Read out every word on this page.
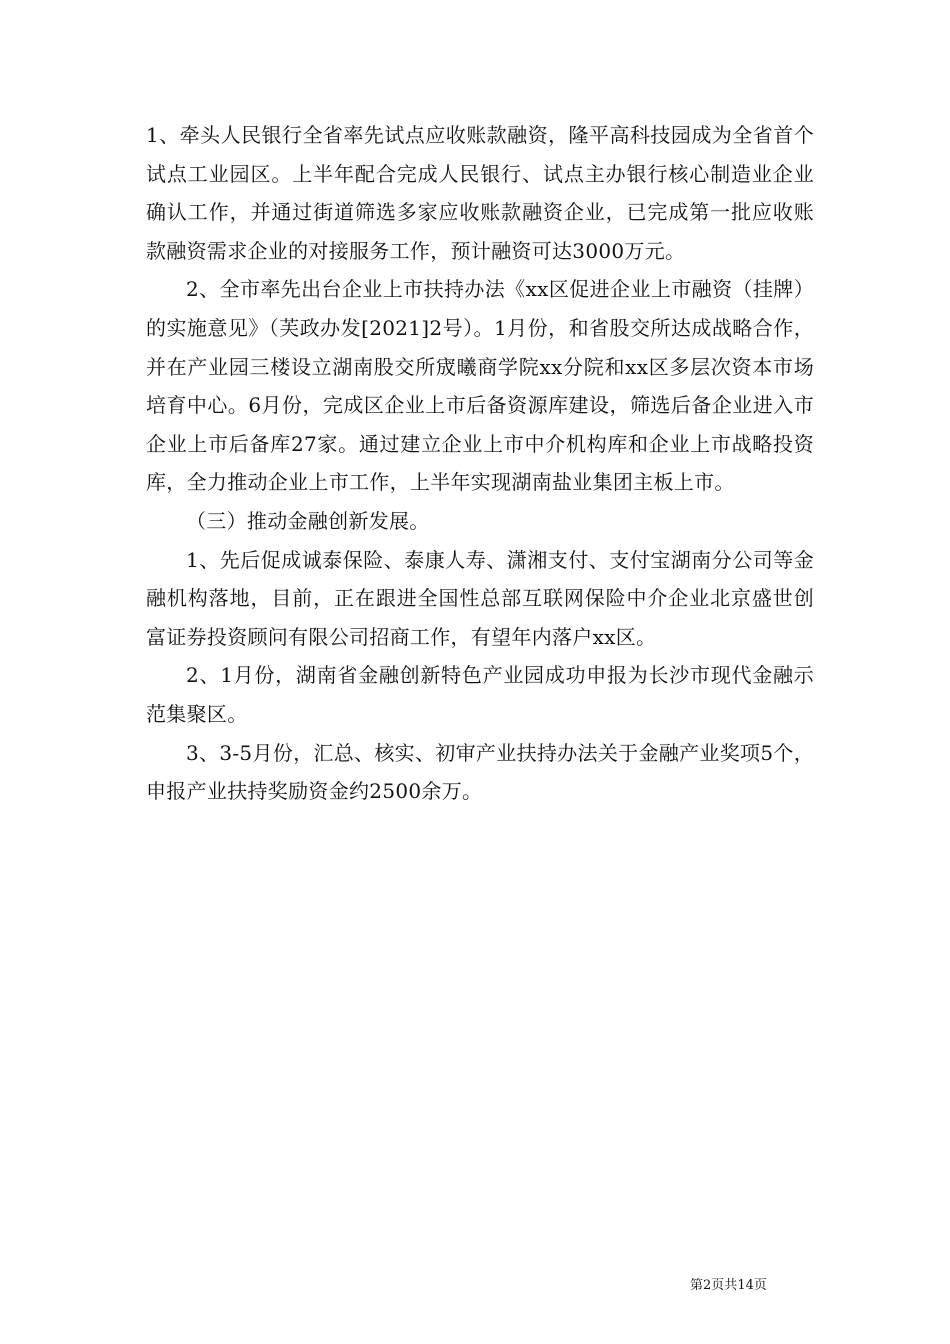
1、牵头人民银行全省率先试点应收账款融资，隆平高科技园成为全省首个试点工业园区。上半年配合完成人民银行、试点主办银行核心制造业企业确认工作，并通过街道筛选多家应收账款融资企业，已完成第一批应收账款融资需求企业的对接服务工作，预计融资可达3000万元。

2、全市率先出台企业上市扶持办法《xx区促进企业上市融资（挂牌）的实施意见》（芙政办发[2021]2号）。1月份，和省股交所达成战略合作，并在产业园三楼设立湖南股交所宬曦商学院xx分院和xx区多层次资本市场培育中心。6月份，完成区企业上市后备资源库建设，筛选后备企业进入市企业上市后备库27家。通过建立企业上市中介机构库和企业上市战略投资库，全力推动企业上市工作，上半年实现湖南盐业集团主板上市。

（三）推动金融创新发展。

1、先后促成诚泰保险、泰康人寿、潇湘支付、支付宝湖南分公司等金融机构落地，目前，正在跟进全国性总部互联网保险中介企业北京盛世创富证券投资顾问有限公司招商工作，有望年内落户xx区。

2、1月份，湖南省金融创新特色产业园成功申报为长沙市现代金融示范集聚区。

3、3-5月份，汇总、核实、初审产业扶持办法关于金融产业奖项5个，申报产业扶持奖励资金约2500余万。

第2页共14页
